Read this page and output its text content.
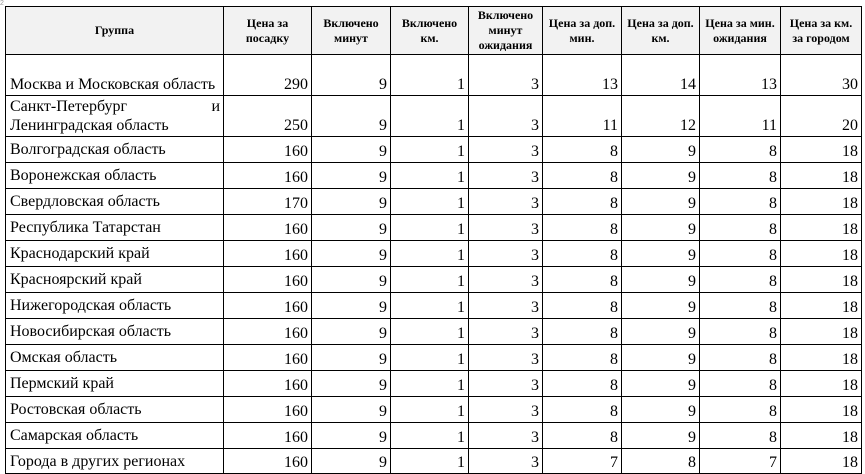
2
Группа	Цена за посадку	Включено минут	Включено км.	Включено минут ожидания	Цена за доп. мин.	Цена за доп. км.	Цена за мин. ожидания	Цена за км. за городом
Москва и Московская область	290	9	1	3	13	14	13	30
Санкт-Петербург и Ленинградская область	250	9	1	3	11	12	11	20
Волгоградская область	160	9	1	3	8	9	8	18
Воронежская область	160	9	1	3	8	9	8	18
Свердловская область	170	9	1	3	8	9	8	18
Республика Татарстан	160	9	1	3	8	9	8	18
Краснодарский край	160	9	1	3	8	9	8	18
Красноярский край	160	9	1	3	8	9	8	18
Нижегородская область	160	9	1	3	8	9	8	18
Новосибирская область	160	9	1	3	8	9	8	18
Омская область	160	9	1	3	8	9	8	18
Пермский край	160	9	1	3	8	9	8	18
Ростовская область	160	9	1	3	8	9	8	18
Самарская область	160	9	1	3	8	9	8	18
Города в других регионах	160	9	1	3	7	8	7	18
